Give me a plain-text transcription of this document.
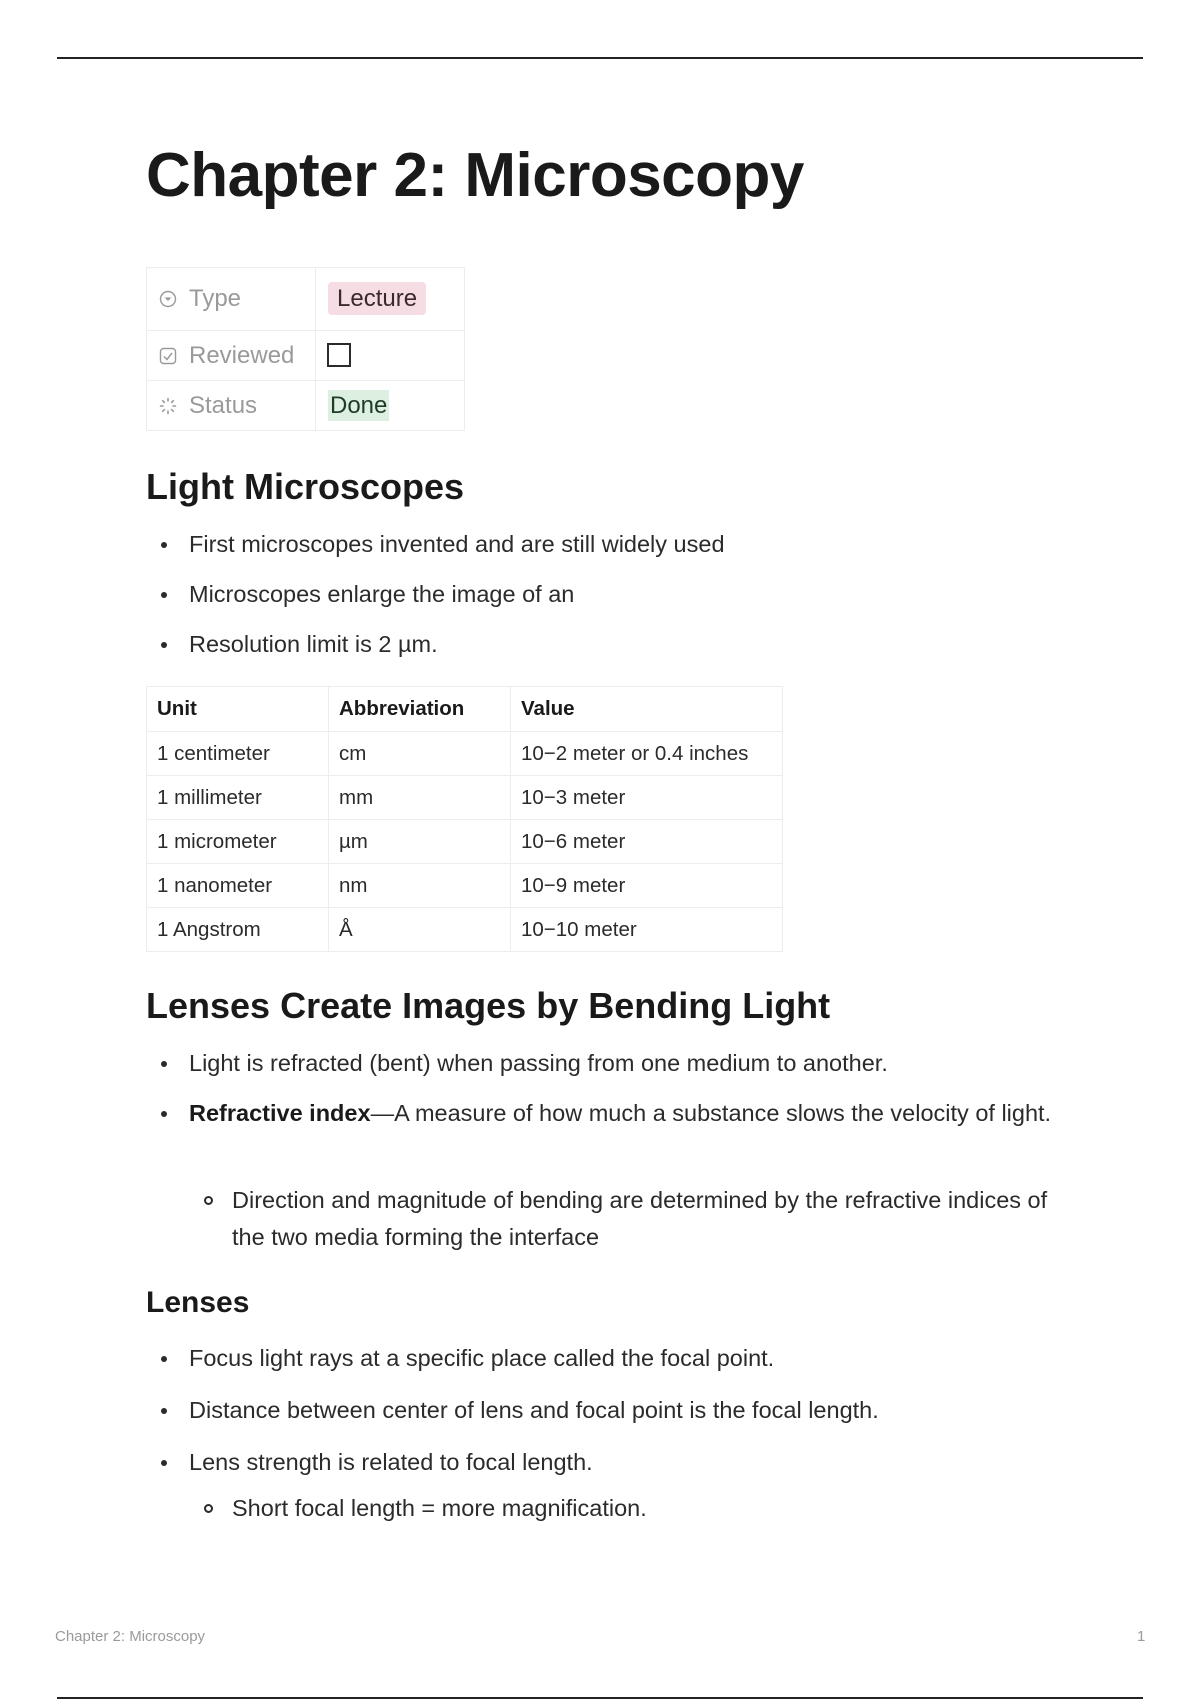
Chapter 2: Microscopy
Type	Lecture
Reviewed	
Status	Done
Light Microscopes
First microscopes invented and are still widely used
Microscopes enlarge the image of an
Resolution limit is 2 µm.
Unit	Abbreviation	Value
1 centimeter	cm	10−2 meter or 0.4 inches
1 millimeter	mm	10−3 meter
1 micrometer	µm	10−6 meter
1 nanometer	nm	10−9 meter
1 Angstrom	Å	10−10 meter
Lenses Create Images by Bending Light
Light is refracted (bent) when passing from one medium to another.
Refractive index—A measure of how much a substance slows the velocity of light.
Direction and magnitude of bending are determined by the refractive indices of the two media forming the interface
Lenses
Focus light rays at a specific place called the focal point.
Distance between center of lens and focal point is the focal length.
Lens strength is related to focal length.
Short focal length = more magnification.
Chapter 2: Microscopy	1
